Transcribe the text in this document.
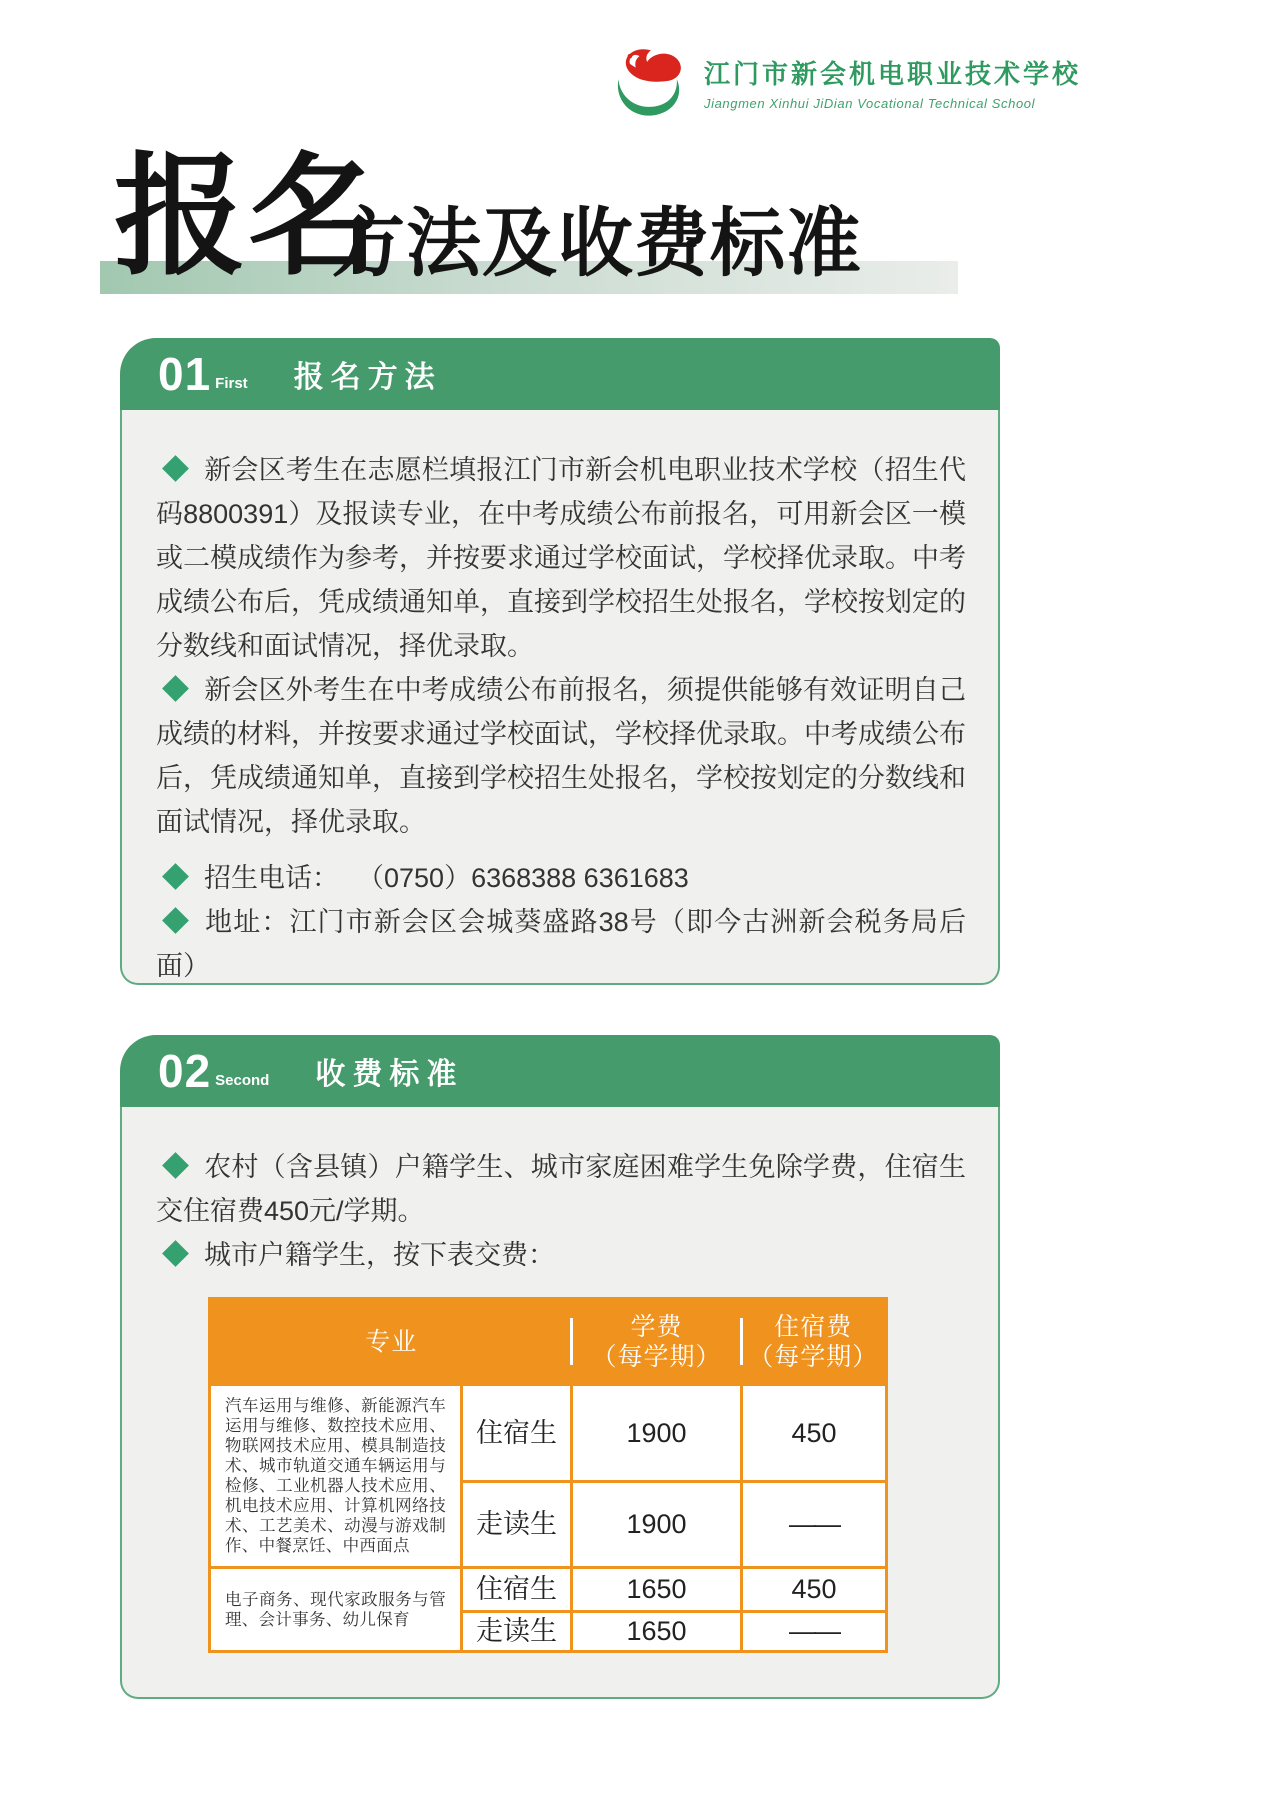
江门市新会机电职业技术学校
Jiangmen Xinhui JiDian Vocational Technical School
报名
方法及收费标准
01 First 报名方法

新会区考生在志愿栏填报江门市新会机电职业技术学校（招生代码8800391）及报读专业，在中考成绩公布前报名，可用新会区一模或二模成绩作为参考，并按要求通过学校面试，学校择优录取。中考成绩公布后，凭成绩通知单，直接到学校招生处报名，学校按划定的分数线和面试情况，择优录取。

新会区外考生在中考成绩公布前报名，须提供能够有效证明自己成绩的材料，并按要求通过学校面试，学校择优录取。中考成绩公布后，凭成绩通知单，直接到学校招生处报名，学校按划定的分数线和面试情况，择优录取。

招生电话： （0750）6368388 6361683

地址：江门市新会区会城葵盛路38号（即今古洲新会税务局后面）

02 Second 收费标准

农村（含县镇）户籍学生、城市家庭困难学生免除学费，住宿生交住宿费450元/学期。

城市户籍学生，按下表交费：

专业		学费
（每学期）	住宿费
（每学期）

汽车运用与维修、新能源汽车运用与维修、数控技术应用、物联网技术应用、模具制造技术、城市轨道交通车辆运用与检修、工业机器人技术应用、机电技术应用、计算机网络技术、工艺美术、动漫与游戏制作、中餐烹饪、中西面点	住宿生	1900	450
	走读生	1900	——
电子商务、现代家政服务与管理、会计事务、幼儿保育	住宿生	1650	450
	走读生	1650	——
